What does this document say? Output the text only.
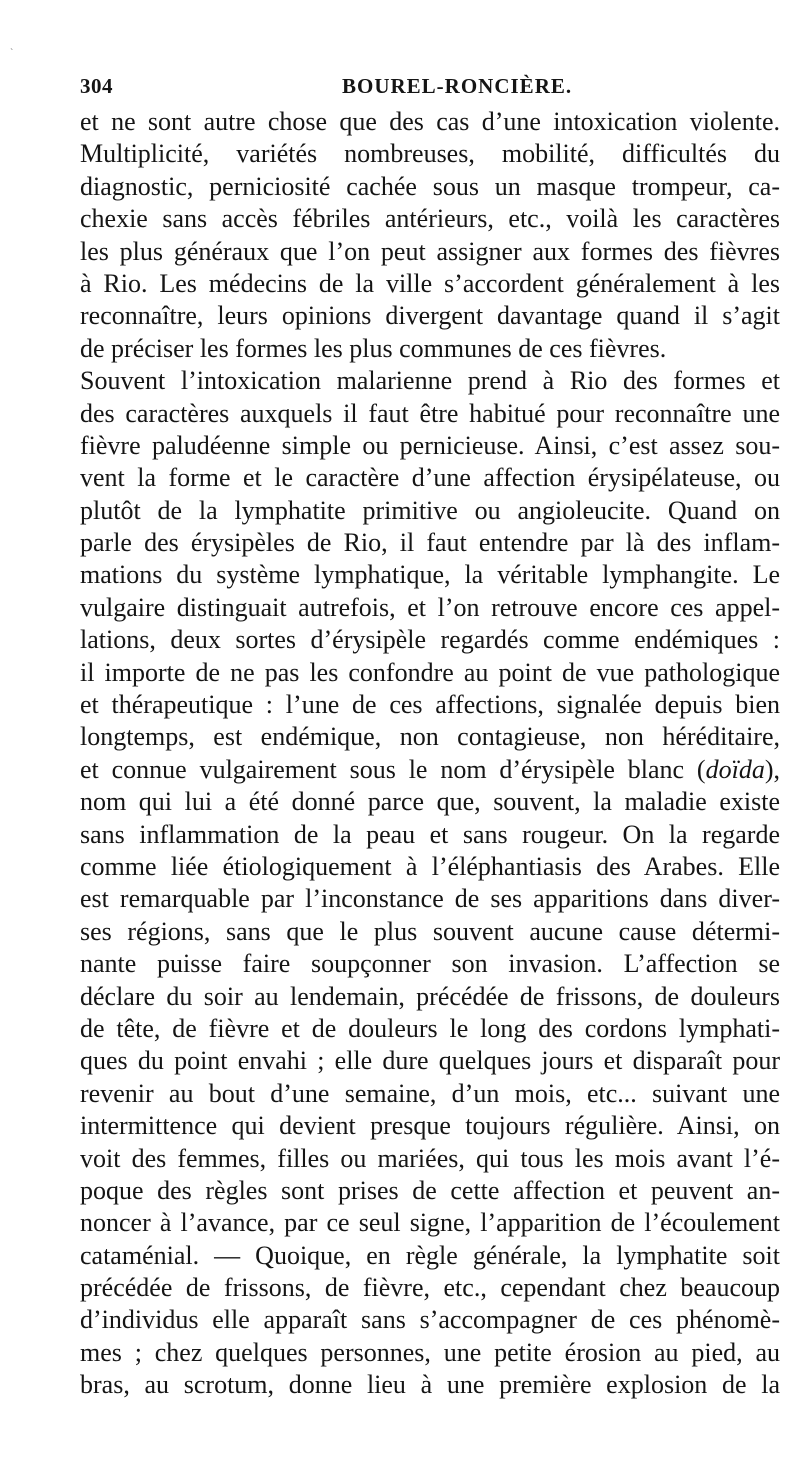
`
304	BOUREL-RONCIÈRE.
et ne sont autre chose que des cas d’une intoxication violente.
Multiplicité, variétés nombreuses, mobilité, difficultés du
diagnostic, perniciosité cachée sous un masque trompeur, ca-
chexie sans accès fébriles antérieurs, etc., voilà les caractères
les plus généraux que l’on peut assigner aux formes des fièvres
à Rio. Les médecins de la ville s’accordent généralement à les
reconnaître, leurs opinions divergent davantage quand il s’agit
de préciser les formes les plus communes de ces fièvres.
Souvent l’intoxication malarienne prend à Rio des formes et
des caractères auxquels il faut être habitué pour reconnaître une
fièvre paludéenne simple ou pernicieuse. Ainsi, c’est assez sou-
vent la forme et le caractère d’une affection érysipélateuse, ou
plutôt de la lymphatite primitive ou angioleucite. Quand on
parle des érysipèles de Rio, il faut entendre par là des inflam-
mations du système lymphatique, la véritable lymphangite. Le
vulgaire distinguait autrefois, et l’on retrouve encore ces appel-
lations, deux sortes d’érysipèle regardés comme endémiques :
il importe de ne pas les confondre au point de vue pathologique
et thérapeutique : l’une de ces affections, signalée depuis bien
longtemps, est endémique, non contagieuse, non héréditaire,
et connue vulgairement sous le nom d’érysipèle blanc (doïda),
nom qui lui a été donné parce que, souvent, la maladie existe
sans inflammation de la peau et sans rougeur. On la regarde
comme liée étiologiquement à l’éléphantiasis des Arabes. Elle
est remarquable par l’inconstance de ses apparitions dans diver-
ses régions, sans que le plus souvent aucune cause détermi-
nante puisse faire soupçonner son invasion. L’affection se
déclare du soir au lendemain, précédée de frissons, de douleurs
de tête, de fièvre et de douleurs le long des cordons lymphati-
ques du point envahi ; elle dure quelques jours et disparaît pour
revenir au bout d’une semaine, d’un mois, etc... suivant une
intermittence qui devient presque toujours régulière. Ainsi, on
voit des femmes, filles ou mariées, qui tous les mois avant l’é-
poque des règles sont prises de cette affection et peuvent an-
noncer à l’avance, par ce seul signe, l’apparition de l’écoulement
cataménial. — Quoique, en règle générale, la lymphatite soit
précédée de frissons, de fièvre, etc., cependant chez beaucoup
d’individus elle apparaît sans s’accompagner de ces phénomè-
mes ; chez quelques personnes, une petite érosion au pied, au
bras, au scrotum, donne lieu à une première explosion de la
